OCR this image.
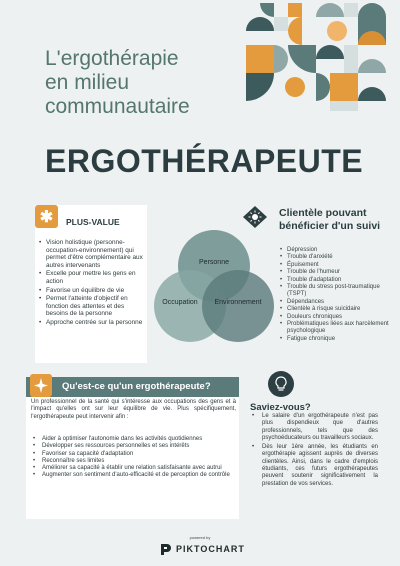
L'ergothérapie
en milieu
communautaire
ERGOTHÉRAPEUTE
✱	PLUS-VALUE
• Vision holistique (personne-occupation-environnement) qui permet d'être complémentaire aux autres intervenants
• Excelle pour mettre les gens en action
• Favorise un équilibre de vie
• Permet l'atteinte d'objectif en fonction des attentes et des besoins de la personne
• Approche centrée sur la personne
Personne
Occupation Environnement
Clientèle pouvant bénéficier d'un suivi
• Dépression
• Trouble d'anxiété
• Épuisement
• Trouble de l'humeur
• Trouble d'adaptation
• Trouble du stress post-traumatique (TSPT)
• Dépendances
• Clientèle à risque suicidaire
• Douleurs chroniques
• Problématiques liées aux harcèlement psychologique
• Fatigue chronique
Qu'est-ce qu'un ergothérapeute?

Un professionnel de la santé qui s'intéresse aux occupations des gens et à l'impact qu'elles ont sur leur équilibre de vie. Plus spécifiquement, l'ergothérapeute peut intervenir afin :

• Aider à optimiser l'autonomie dans les activités quotidiennes
• Développer ses ressources personnelles et ses intérêts
• Favoriser sa capacité d'adaptation
• Reconnaître ses limites
• Améliorer sa capacité à établir une relation satisfaisante avec autrui
• Augmenter son sentiment d'auto-efficacité et de perception de contrôle
Saviez-vous?
• Le salaire d'un ergothérapeute n'est pas plus dispendieux que d'autres professionnels, tels que des psychoéducateurs ou travailleurs sociaux.
• Dès leur 1ère année, les étudiants en ergothérapie agissent auprès de diverses clientèles. Ainsi, dans le cadre d'emplois étudiants, ces futurs ergothérapeutes peuvent soutenir significativement la prestation de vos services.
powered by
PIKTOCHART
